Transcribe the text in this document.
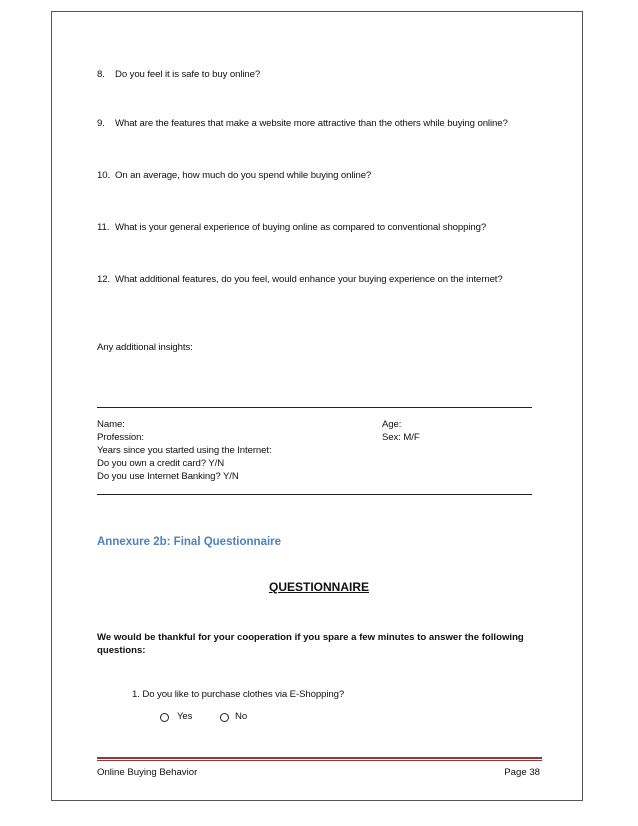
8. Do you feel it is safe to buy online?
9. What are the features that make a website more attractive than the others while buying online?
10. On an average, how much do you spend while buying online?
11. What is your general experience of buying online as compared to conventional shopping?
12. What additional features, do you feel, would enhance your buying experience on the internet?
Any additional insights:
Name:	Age:
Profession:	Sex: M/F
Years since you started using the Internet:
Do you own a credit card? Y/N
Do you use Internet Banking? Y/N
Annexure 2b: Final Questionnaire
QUESTIONNAIRE
We would be thankful for your cooperation if you spare a few minutes to answer the following questions:
1. Do you like to purchase clothes via E-Shopping?
Yes	No
Online Buying Behavior	Page 38
